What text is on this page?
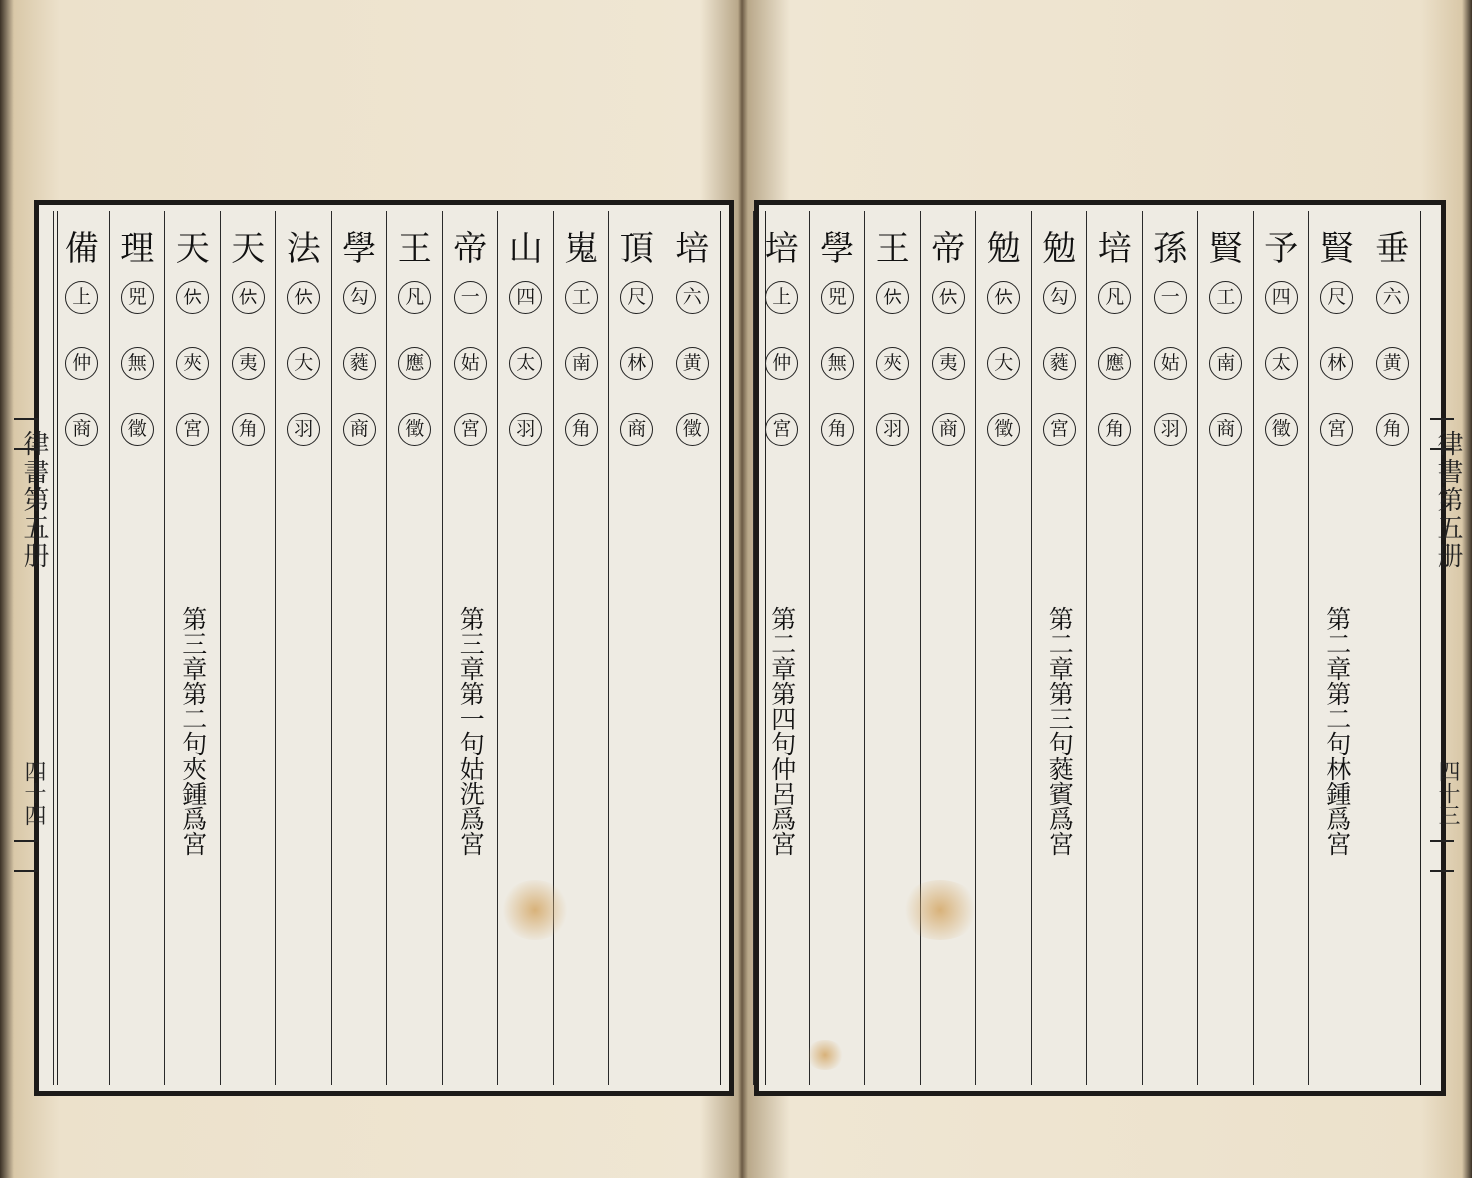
培
六
黄
徵
頂
尺
林
商
嵬
工
南
角
山
四
太
羽
帝
一
姑
宮
第三章第一句姑洗爲宮
王
凡
應
徵
學
勾
蕤
商
法
𠆾
大
羽
天
𠆾
夷
角
天
𠆾
夾
宮
第三章第二句夾鍾爲宮
理
兕
無
徵
備
上
仲
商
律書第五册
四十四
垂
六
黄
角
賢
尺
林
宮
第二章第二句林鍾爲宮
予
四
太
徵
賢
工
南
商
孫
一
姑
羽
培
凡
應
角
勉
勾
蕤
宮
第二章第三句蕤賓爲宮
勉
𠆾
大
徵
帝
𠆾
夷
商
王
𠆾
夾
羽
學
兕
無
角
培
上
仲
宮
第二章第四句仲呂爲宮
律書第五册
四十三
